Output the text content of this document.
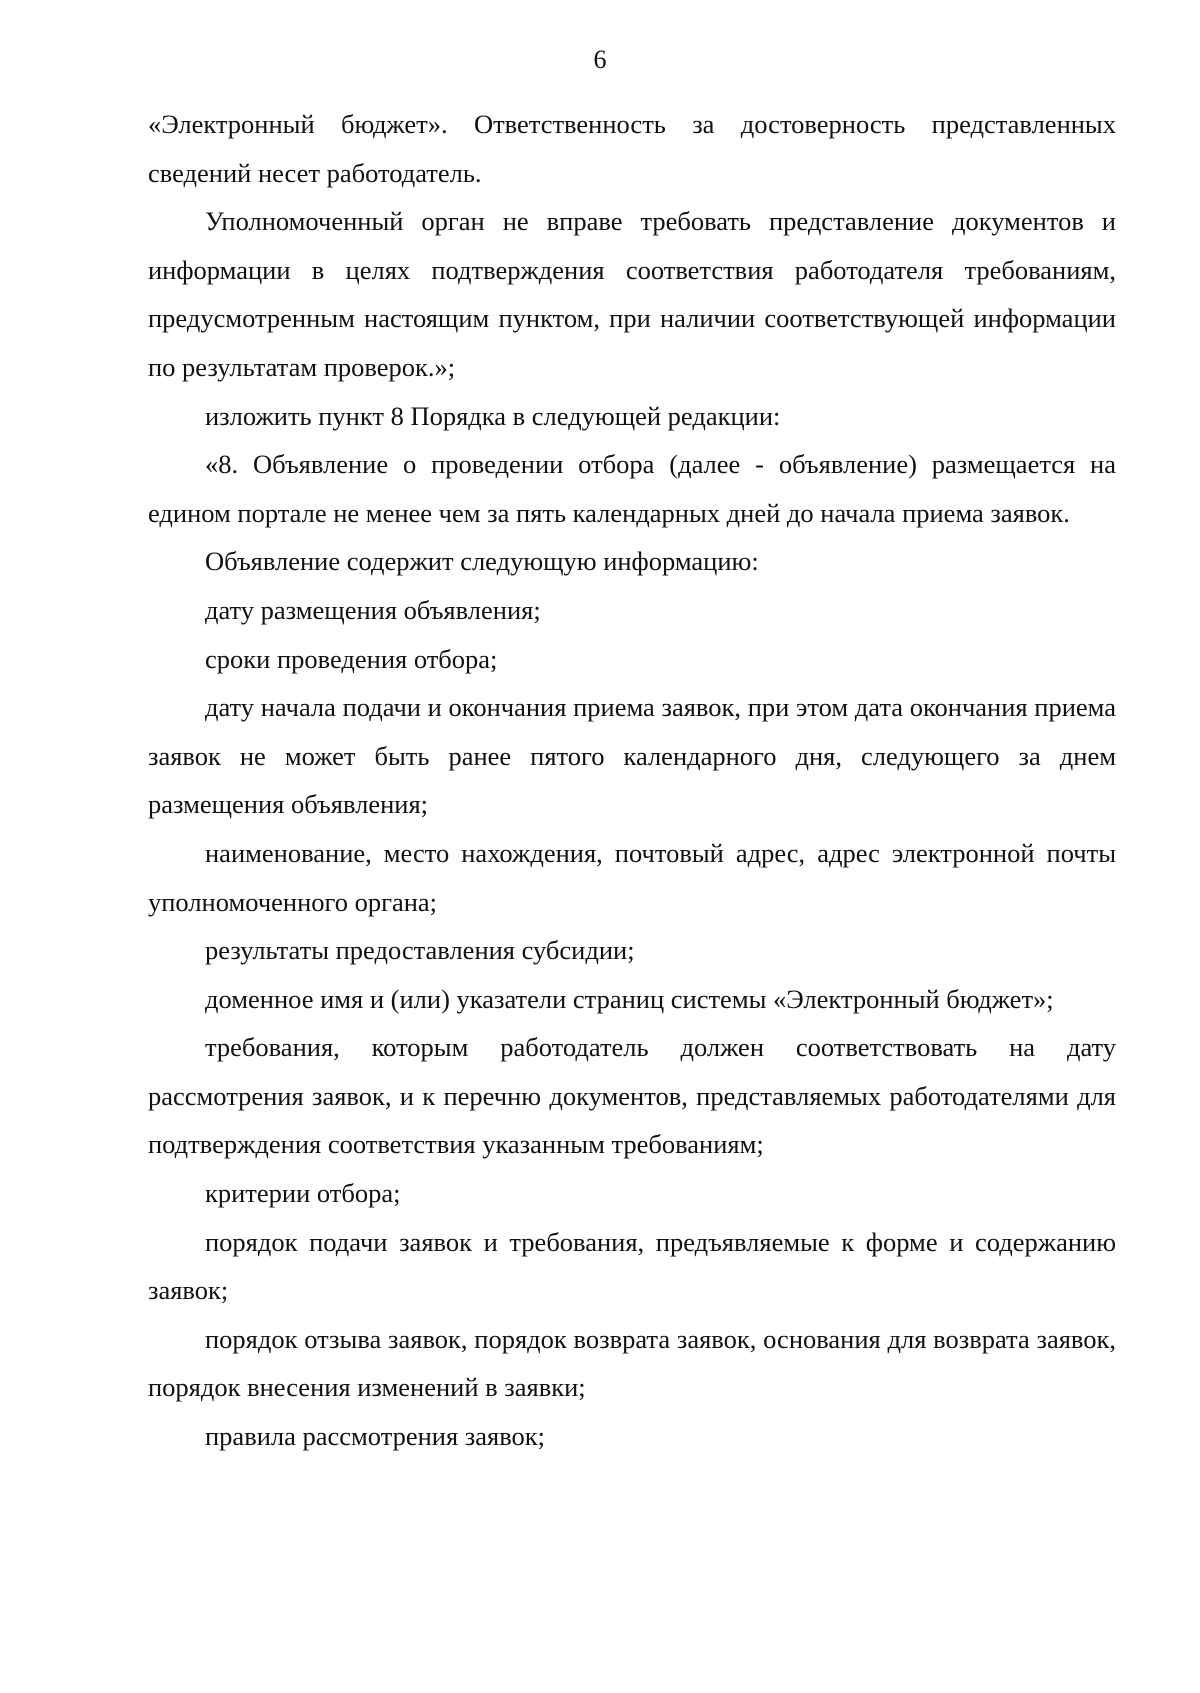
6

«Электронный бюджет». Ответственность за достоверность представленных сведений несет работодатель.

Уполномоченный орган не вправе требовать представление документов и информации в целях подтверждения соответствия работодателя требованиям, предусмотренным настоящим пунктом, при наличии соответствующей информации по результатам проверок.»;

изложить пункт 8 Порядка в следующей редакции:

«8. Объявление о проведении отбора (далее - объявление) размещается на едином портале не менее чем за пять календарных дней до начала приема заявок.

Объявление содержит следующую информацию:

дату размещения объявления;

сроки проведения отбора;

дату начала подачи и окончания приема заявок, при этом дата окончания приема заявок не может быть ранее пятого календарного дня, следующего за днем размещения объявления;

наименование, место нахождения, почтовый адрес, адрес электронной почты уполномоченного органа;

результаты предоставления субсидии;

доменное имя и (или) указатели страниц системы «Электронный бюджет»;

требования, которым работодатель должен соответствовать на дату рассмотрения заявок, и к перечню документов, представляемых работодателями для подтверждения соответствия указанным требованиям;

критерии отбора;

порядок подачи заявок и требования, предъявляемые к форме и содержанию заявок;

порядок отзыва заявок, порядок возврата заявок, основания для возврата заявок, порядок внесения изменений в заявки;

правила рассмотрения заявок;
